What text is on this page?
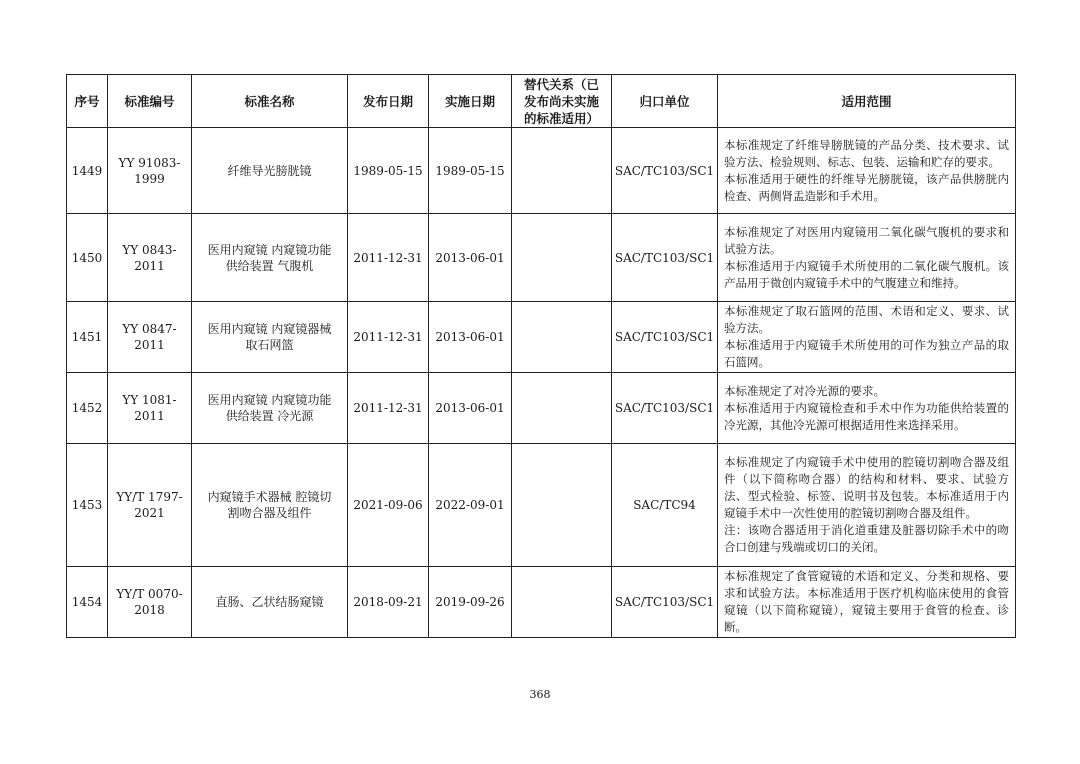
序号	标准编号	标准名称	发布日期	实施日期	替代关系（已发布尚未实施的标准适用）	归口单位	适用范围
1449	YY 91083-1999	纤维导光膀胱镜	1989-05-15	1989-05-15		SAC/TC103/SC1	本标准规定了纤维导膀胱镜的产品分类、技术要求、试验方法、检验规则、标志、包装、运输和贮存的要求。

本标准适用于硬性的纤维导光膀胱镜，该产品供膀胱内检查、两侧肾盂造影和手术用。

1450	YY 0843-2011	医用内窥镜 内窥镜功能供给装置 气腹机	2011-12-31	2013-06-01		SAC/TC103/SC1	本标准规定了对医用内窥镜用二氧化碳气腹机的要求和试验方法。

本标准适用于内窥镜手术所使用的二氧化碳气腹机。该产品用于微创内窥镜手术中的气腹建立和维持。

1451	YY 0847-2011	医用内窥镜 内窥镜器械 取石网篮	2011-12-31	2013-06-01		SAC/TC103/SC1	本标准规定了取石篮网的范围、术语和定义、要求、试验方法。

本标准适用于内窥镜手术所使用的可作为独立产品的取石篮网。

1452	YY 1081-2011	医用内窥镜 内窥镜功能供给装置 冷光源	2011-12-31	2013-06-01		SAC/TC103/SC1	本标准规定了对冷光源的要求。

本标准适用于内窥镜检查和手术中作为功能供给装置的冷光源，其他冷光源可根据适用性来选择采用。

1453	YY/T 1797-2021	内窥镜手术器械 腔镜切割吻合器及组件	2021-09-06	2022-09-01		SAC/TC94	本标准规定了内窥镜手术中使用的腔镜切割吻合器及组件（以下简称吻合器）的结构和材料、要求、试验方法、型式检验、标签、说明书及包装。本标准适用于内窥镜手术中一次性使用的腔镜切割吻合器及组件。

注：该吻合器适用于消化道重建及脏器切除手术中的吻合口创建与残端或切口的关闭。

1454	YY/T 0070-2018	直肠、乙状结肠窥镜	2018-09-21	2019-09-26		SAC/TC103/SC1	本标准规定了食管窥镜的术语和定义、分类和规格、要求和试验方法。本标准适用于医疗机构临床使用的食管窥镜（以下简称窥镜），窥镜主要用于食管的检查、诊断。

368
